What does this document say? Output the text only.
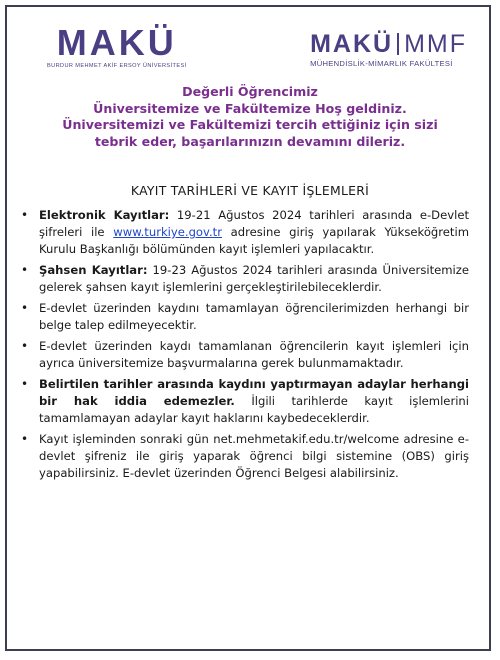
MAKÜ
BURDUR MEHMET AKİF ERSOY ÜNİVERSİTESİ
MAKÜ MMF
MÜHENDİSLİK-MİMARLIK FAKÜLTESİ
Değerli Öğrencimiz
Üniversitemize ve Fakültemize Hoş geldiniz.
Üniversitemizi ve Fakültemizi tercih ettiğiniz için sizi
tebrik eder, başarılarınızın devamını dileriz.
KAYIT TARİHLERİ VE KAYIT İŞLEMLERİ
• Elektronik Kayıtlar: 19-21 Ağustos 2024 tarihleri arasında e-Devlet şifreleri ile www.turkiye.gov.tr adresine giriş yapılarak Yükseköğretim Kurulu Başkanlığı bölümünden kayıt işlemleri yapılacaktır.
• Şahsen Kayıtlar: 19-23 Ağustos 2024 tarihleri arasında Üniversitemize gelerek şahsen kayıt işlemlerini gerçekleştirilebileceklerdir.
• E-devlet üzerinden kaydını tamamlayan öğrencilerimizden herhangi bir belge talep edilmeyecektir.
• E-devlet üzerinden kaydı tamamlanan öğrencilerin kayıt işlemleri için ayrıca üniversitemize başvurmalarına gerek bulunmamaktadır.
• Belirtilen tarihler arasında kaydını yaptırmayan adaylar herhangi bir hak iddia edemezler. İlgili tarihlerde kayıt işlemlerini tamamlamayan adaylar kayıt haklarını kaybedeceklerdir.
• Kayıt işleminden sonraki gün net.mehmetakif.edu.tr/welcome adresine e-devlet şifreniz ile giriş yaparak öğrenci bilgi sistemine (OBS) giriş yapabilirsiniz. E-devlet üzerinden Öğrenci Belgesi alabilirsiniz.
